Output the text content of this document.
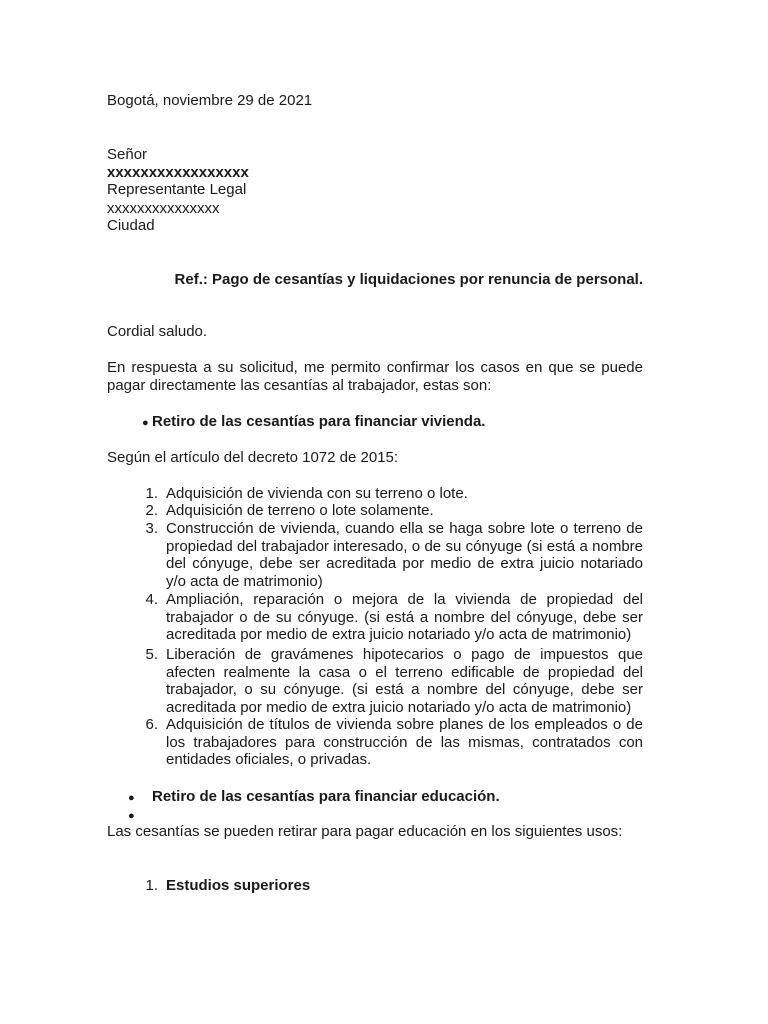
Bogotá, noviembre 29 de 2021
Señor
xxxxxxxxxxxxxxxxx
Representante Legal
xxxxxxxxxxxxxxx
Ciudad
Ref.: Pago de cesantías y liquidaciones por renuncia de personal.
Cordial saludo.
En respuesta a su solicitud, me permito confirmar los casos en que se puede pagar directamente las cesantías al trabajador, estas son:
● Retiro de las cesantías para financiar vivienda.
Según el artículo del decreto 1072 de 2015:
1. Adquisición de vivienda con su terreno o lote.
2. Adquisición de terreno o lote solamente.
3. Construcción de vivienda, cuando ella se haga sobre lote o terreno de propiedad del trabajador interesado, o de su cónyuge (si está a nombre del cónyuge, debe ser acreditada por medio de extra juicio notariado y/o acta de matrimonio)
4. Ampliación, reparación o mejora de la vivienda de propiedad del trabajador o de su cónyuge. (si está a nombre del cónyuge, debe ser acreditada por medio de extra juicio notariado y/o acta de matrimonio)
5. Liberación de gravámenes hipotecarios o pago de impuestos que afecten realmente la casa o el terreno edificable de propiedad del trabajador, o su cónyuge. (si está a nombre del cónyuge, debe ser acreditada por medio de extra juicio notariado y/o acta de matrimonio)
6. Adquisición de títulos de vivienda sobre planes de los empleados o de los trabajadores para construcción de las mismas, contratados con entidades oficiales, o privadas.
● Retiro de las cesantías para financiar educación.
●
Las cesantías se pueden retirar para pagar educación en los siguientes usos:
1. Estudios superiores
